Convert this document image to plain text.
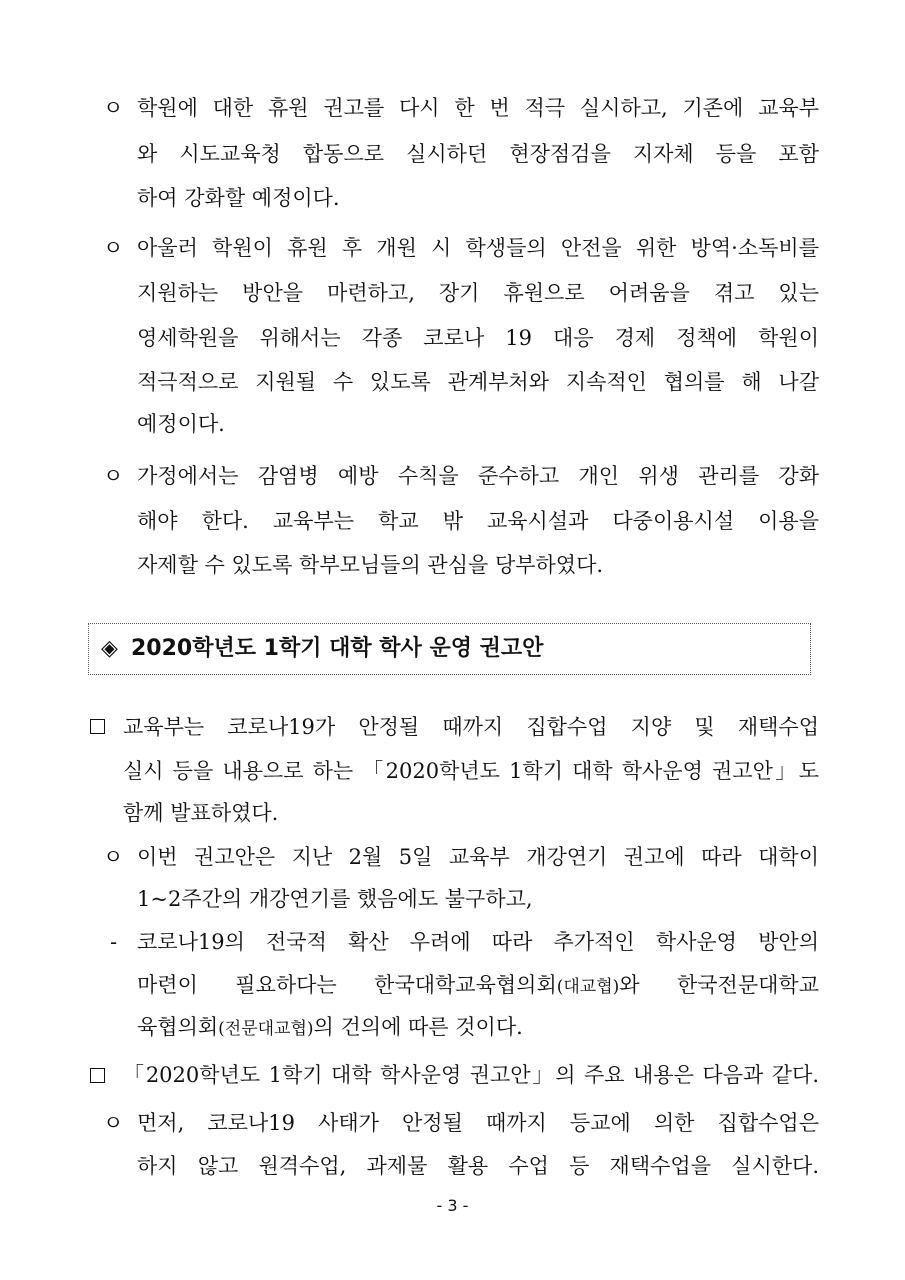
ㅇ 학원에 대한 휴원 권고를 다시 한 번 적극 실시하고, 기존에 교육부
와 시도교육청 합동으로 실시하던 현장점검을 지자체 등을 포함
하여 강화할 예정이다.
ㅇ 아울러 학원이 휴원 후 개원 시 학생들의 안전을 위한 방역·소독비를
지원하는 방안을 마련하고, 장기 휴원으로 어려움을 겪고 있는
영세학원을 위해서는 각종 코로나 19 대응 경제 정책에 학원이
적극적으로 지원될 수 있도록 관계부처와 지속적인 협의를 해 나갈
예정이다.
ㅇ 가정에서는 감염병 예방 수칙을 준수하고 개인 위생 관리를 강화
해야 한다. 교육부는 학교 밖 교육시설과 다중이용시설 이용을
자제할 수 있도록 학부모님들의 관심을 당부하였다.
◈ 2020학년도 1학기 대학 학사 운영 권고안
교육부는 코로나19가 안정될 때까지 집합수업 지양 및 재택수업
실시 등을 내용으로 하는 「2020학년도 1학기 대학 학사운영 권고안」도
함께 발표하였다.
ㅇ 이번 권고안은 지난 2월 5일 교육부 개강연기 권고에 따라 대학이
1~2주간의 개강연기를 했음에도 불구하고,
- 코로나19의 전국적 확산 우려에 따라 추가적인 학사운영 방안의
마련이 필요하다는 한국대학교육협의회(대교협)와 한국전문대학교
육협의회(전문대교협)의 건의에 따른 것이다.
「2020학년도 1학기 대학 학사운영 권고안」의 주요 내용은 다음과 같다.
ㅇ 먼저, 코로나19 사태가 안정될 때까지 등교에 의한 집합수업은
하지 않고 원격수업, 과제물 활용 수업 등 재택수업을 실시한다.
- 3 -
